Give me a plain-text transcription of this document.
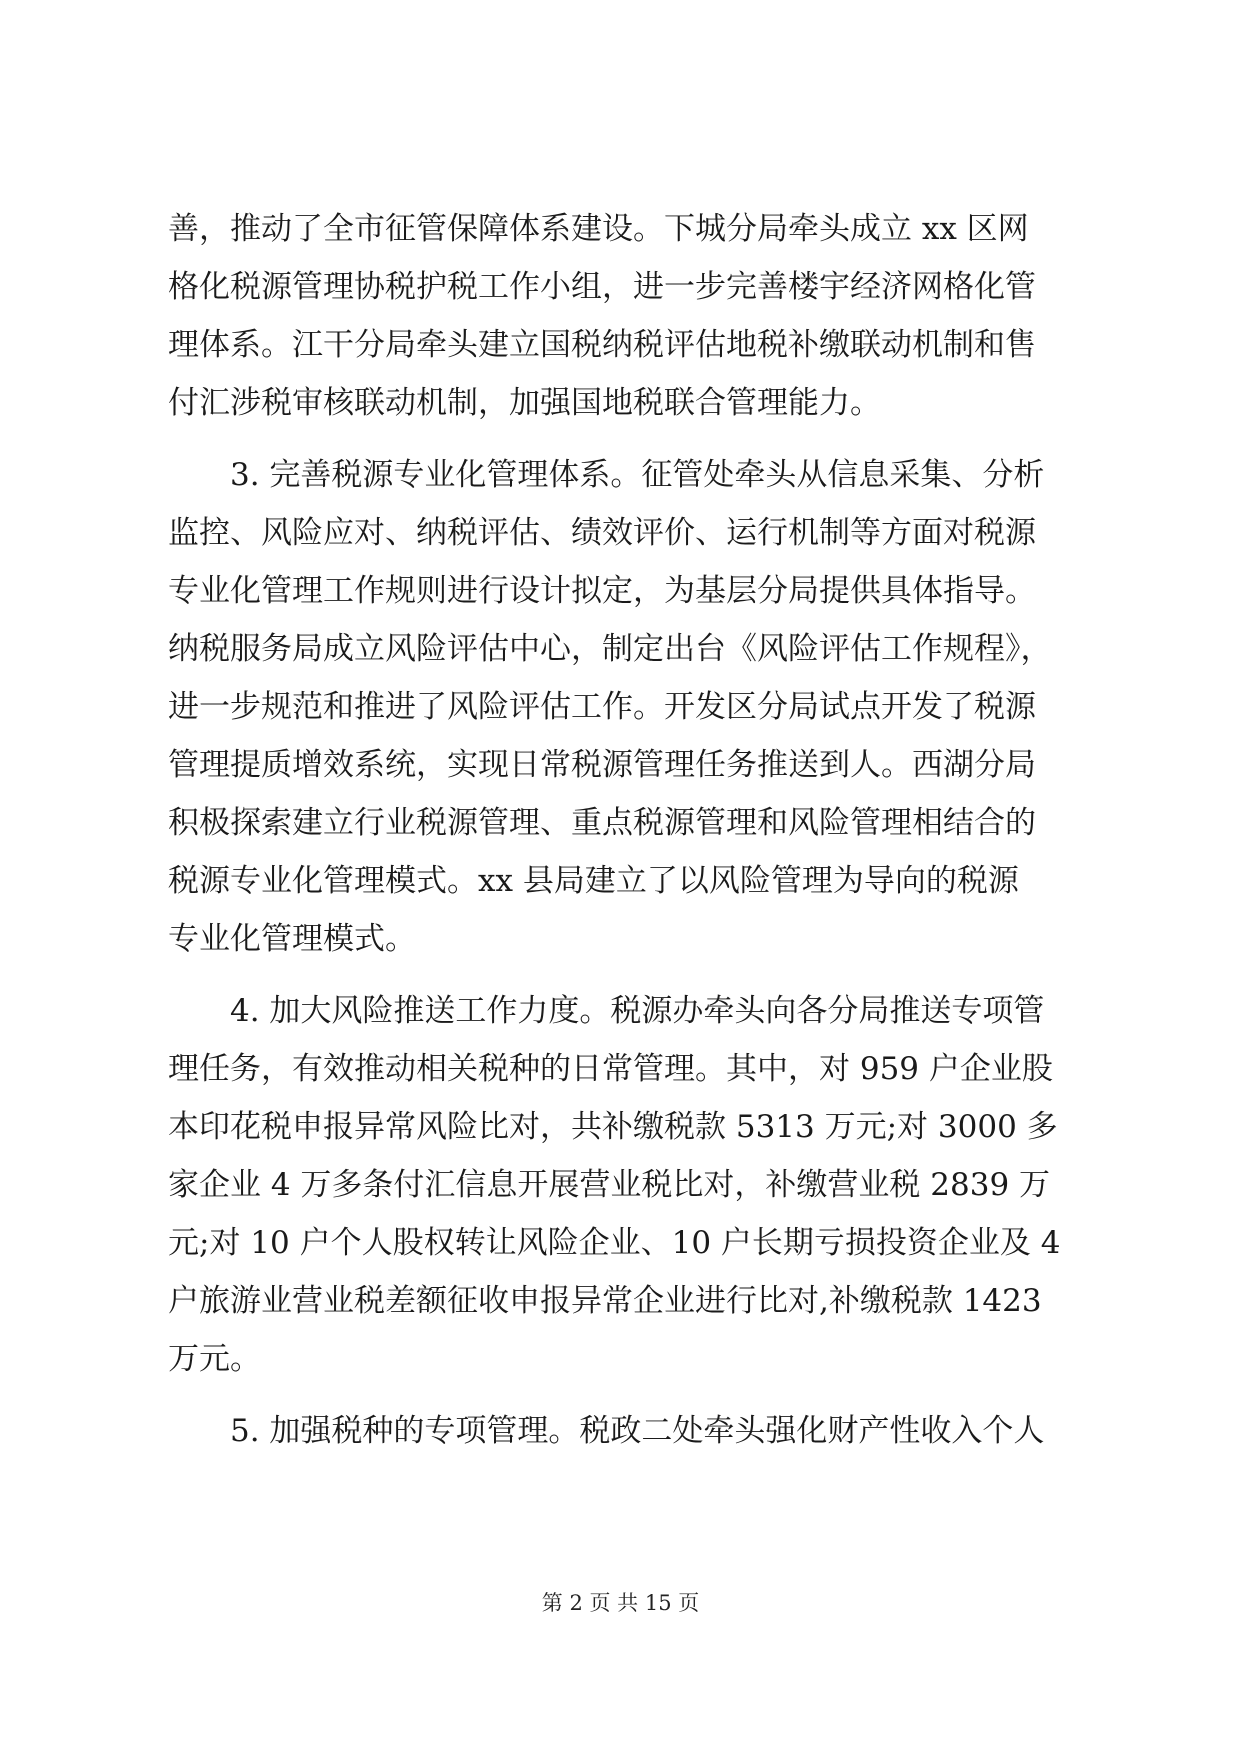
善，推动了全市征管保障体系建设。下城分局牵头成立 xx 区网
格化税源管理协税护税工作小组，进一步完善楼宇经济网格化管
理体系。江干分局牵头建立国税纳税评估地税补缴联动机制和售
付汇涉税审核联动机制，加强国地税联合管理能力。
3. 完善税源专业化管理体系。征管处牵头从信息采集、分析
监控、风险应对、纳税评估、绩效评价、运行机制等方面对税源
专业化管理工作规则进行设计拟定，为基层分局提供具体指导。
纳税服务局成立风险评估中心，制定出台《风险评估工作规程》，
进一步规范和推进了风险评估工作。开发区分局试点开发了税源
管理提质增效系统，实现日常税源管理任务推送到人。西湖分局
积极探索建立行业税源管理、重点税源管理和风险管理相结合的
税源专业化管理模式。xx 县局建立了以风险管理为导向的税源
专业化管理模式。
4. 加大风险推送工作力度。税源办牵头向各分局推送专项管
理任务，有效推动相关税种的日常管理。其中，对 959 户企业股
本印花税申报异常风险比对，共补缴税款 5313 万元;对 3000 多
家企业 4 万多条付汇信息开展营业税比对，补缴营业税 2839 万
元;对 10 户个人股权转让风险企业、10 户长期亏损投资企业及 4
户旅游业营业税差额征收申报异常企业进行比对,补缴税款 1423
万元。
5. 加强税种的专项管理。税政二处牵头强化财产性收入个人
第 2 页 共 15 页
